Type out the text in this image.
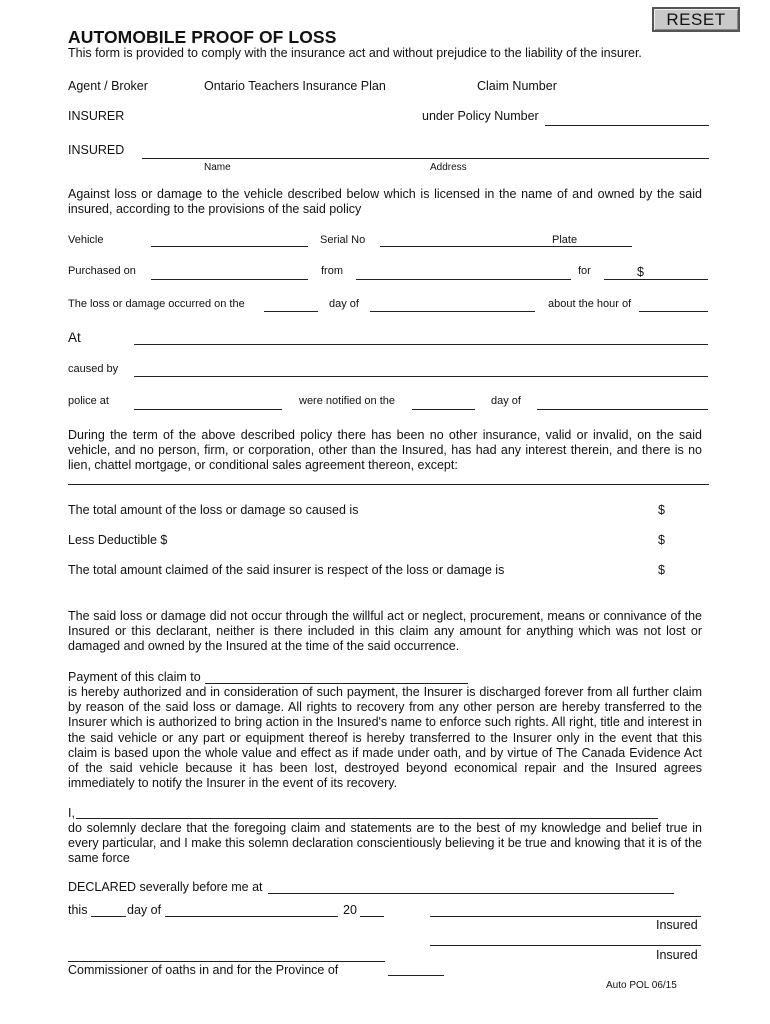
RESET
AUTOMOBILE PROOF OF LOSS
This form is provided to comply with the insurance act and without prejudice to the liability of the insurer.
Agent / Broker	Ontario Teachers Insurance Plan	Claim Number
INSURER	under Policy Number
INSURED
Name	Address
Against loss or damage to the vehicle described below which is licensed in the name of and owned by the said insured, according to the provisions of the said policy
Vehicle	Serial No	Plate
Purchased on	from	for	$
The loss or damage occurred on the	day of	about the hour of
At
caused by
police at	were notified on the	day of
During the term of the above described policy there has been no other insurance, valid or invalid, on the said vehicle, and no person, firm, or corporation, other than the Insured, has had any interest therein, and there is no lien, chattel mortgage, or conditional sales agreement thereon, except:
The total amount of the loss or damage so caused is	$
Less Deductible $	$
The total amount claimed of the said insurer is respect of the loss or damage is	$
The said loss or damage did not occur through the willful act or neglect, procurement, means or connivance of the Insured or this declarant, neither is there included in this claim any amount for anything which was not lost or damaged and owned by the Insured at the time of the said occurrence.
Payment of this claim to
is hereby authorized and in consideration of such payment, the Insurer is discharged forever from all further claim by reason of the said loss or damage. All rights to recovery from any other person are hereby transferred to the Insurer which is authorized to bring action in the Insured's name to enforce such rights. All right, title and interest in the said vehicle or any part or equipment thereof is hereby transferred to the Insurer only in the event that this claim is based upon the whole value and effect as if made under oath, and by virtue of The Canada Evidence Act of the said vehicle because it has been lost, destroyed beyond economical repair and the Insured agrees immediately to notify the Insurer in the event of its recovery.
I,
do solemnly declare that the foregoing claim and statements are to the best of my knowledge and belief true in every particular, and I make this solemn declaration conscientiously believing it be true and knowing that it is of the same force
DECLARED severally before me at
this	day of	20
Insured
Insured
Commissioner of oaths in and for the Province of
Auto POL 06/15
